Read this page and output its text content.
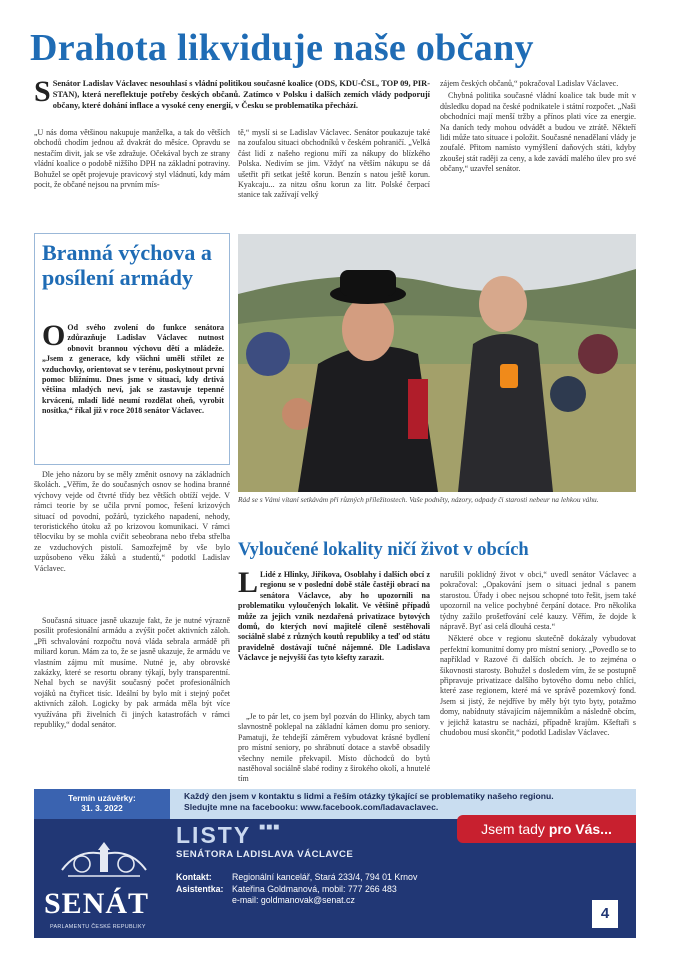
Drahota likviduje naše občany
S Senátor Ladislav Václavec nesouhlasí s vládní politikou současné koalice (ODS, KDU-ČSL, TOP 09, PIR-STAN), která nereflektuje potřeby českých občanů. Zatímco v Polsku i dalších zemích vlády podporují občany, které dohání inflace a vysoké ceny energií, v Česku se problematika přechází.

„U nás doma většinou nakupuje manželka, a tak do větších obchodů chodím jednou až dvakrát do měsíce. Opravdu se nestačím divit, jak se vše zdražuje. Očekával bych ze strany vládní koalice o podobě nižšího DPH na základní potraviny. Bohužel se opět projevuje pravicový styl vládnutí, kdy mám pocit, že občané nejsou na prvním mís-

tě,“ myslí si se Ladislav Václavec. Senátor poukazuje také na zoufalou situaci obchodníků v českém pohraničí. „Velká část lidí z našeho regionu míří za nákupy do blízkého Polska. Nedivím se jim. Vždyť na větším nákupu se dá ušetřit při setkat ještě korun. Benzín s natou ještě korun. Kyakcaju... za nitzu ošnu korun za litr. Polské čerpací stanice tak zažívají velký

zájem českých občanů,“ pokračoval Ladislav Václavec.

Chybná politika současné vládní koalice tak bude mít v důsledku dopad na české podnikatele i státní rozpočet. „Naši obchodníci mají menší tržby a přínos plati více za energie. Na daních tedy mohou odvádět a budou ve ztrátě. Někteří lidi může tato situace i položit. Současné nenadělaní vlády je zoufalé. Přitom namísto vymýšlení daňových státi, kdyby zkoušej stát raději za ceny, a kde zavádí malého úlev pro své občany,“ uzavřel senátor.

Branná výchova a posílení armády
O Od svého zvolení do funkce senátora zdůrazňuje Ladislav Václavec nutnost obnovit brannou výchovu dětí a mládeže. „Jsem z generace, kdy všichni uměli střílet ze vzduchovky, orientovat se v terénu, poskytnout první pomoc bližnímu. Dnes jsme v situaci, kdy drtivá většina mladých neví, jak se zastavuje tepenné krvácení, mladí lidé neumí rozdělat oheň, vyrobit nosítka,“ říkal již v roce 2018 senátor Václavec.

Dle jeho názoru by se měly změnit osnovy na základních školách. „Věřím, že do současných osnov se hodina branné výchovy vejde od čtvrté třídy bez větších obtíží vejde. V rámci teorie by se učila první pomoc, řešení krizových situací od povodní, požárů, tyzického napadení, nehody, teroristického útoku až po krizovou komunikaci. V rámci tělocviku by se mohla cvičit sebeobrana nebo třeba střelba ze vzduchových pistolí. Samozřejmě by vše bylo uzpůsobeno věku žáků a studentů,“ podotkl Ladislav Václavec.

Současná situace jasně ukazuje fakt, že je nutné výrazně posílit profesionální armádu a zvýšit počet aktivních záloh. „Při schvalování rozpočtu nová vláda sebrala armádě při miliard korun. Mám za to, že se jasně ukazuje, že armádu ve vlastním zájmu mít musíme. Nutné je, aby obrovské zakázky, které se resortu obrany týkají, byly transparentní. Nehal bych se navýšit současný počet profesionálních vojáků na čtyřicet tisíc. Ideální by bylo mít i stejný počet aktivních záloh. Logicky by pak armáda měla být více využívána při živelních či jiných katastrofách v rámci republiky,“ dodal senátor.

Rád se s Vámi vítaní setkávám při různých příležitostech. Vaše podněty, názory, odpady či starosti nebeur na lehkou váhu.
Vyloučené lokality ničí život v obcích
L Lidé z Hlinky, Jiříkova, Osoblahy i dalších obcí z regionu se v poslední době stále častěji obrací na senátora Václavce, aby ho upozornili na problematiku vyloučených lokalit. Ve většině případů může za jejich vznik nezdařená privatizace bytových domů, do kterých noví majitelé cíleně sestěhovali sociálně slabé z různých koutů republiky a teď od státu pravidelně dostávají tučné nájemné. Dle Ladislava Václavce je nejvyšší čas tyto kšefty zarazit.

„Je to pár let, co jsem byl pozván do Hlinky, abych tam slavnostně poklepal na základní kámen domu pro seniory. Pamatuji, že tehdejší záměrem vybudovat krásné bydlení pro místní seniory, po shrábnutí dotace a stavbě obsadily všechny nemile překvapil. Místo důchodců do bytů nastěhoval sociálně slabé rodiny z širokého okolí, a hnutelé tím

narušili poklidný život v obci,“ uvedl senátor Václavec a pokračoval: „Opakování jsem o situaci jednal s panem starostou. Úřady i obec nejsou schopné toto řešit, jsem také upozornil na velice pochybné čerpání dotace. Pro několika týdny zažilo prošetřování celé kauzy. Věřím, že dojde k nápravě. Byť asi celá dlouhá cesta.“

Některé obce v regionu skutečně dokázaly vybudovat perfektní komunitní domy pro místní seniory. „Povedlo se to například v Razové či dalších obcích. Je to zejména o šikovnosti starosty. Bohužel s dosledem vím, že se postupně připravuje privatizace dalšího bytového domu nebo chlíci, které zase regionem, které má ve správě pozemkový fond. Jsem si jistý, že nejdříve by měly být tyto byty, potažmo domy, nabídnuty stávajícím nájemníkům a následně obcím, v jejichž katastru se nachází, případně krajům. Kšeftaři s chudobou musí skončit,“ podotkl Ladislav Václavec.

Termín uzávěrky:
31. 3. 2022
Každý den jsem v kontaktu s lidmi a řeším otázky týkající se problematiky našeho regionu.
Sledujte mne na facebooku: www.facebook.com/ladavaclavec.
LISTY ■■■
SENÁTORA LADISLAVA VÁCLAVCE
Jsem tady pro Vás...
Kontakt: Regionální kancelář, Stará 233/4, 794 01 Krnov
Asistentka: Kateřina Goldmanová, mobil: 777 266 483
e-mail: goldmanovak@senat.cz
SENÁT
PARLAMENTU ČESKÉ REPUBLIKY
4
